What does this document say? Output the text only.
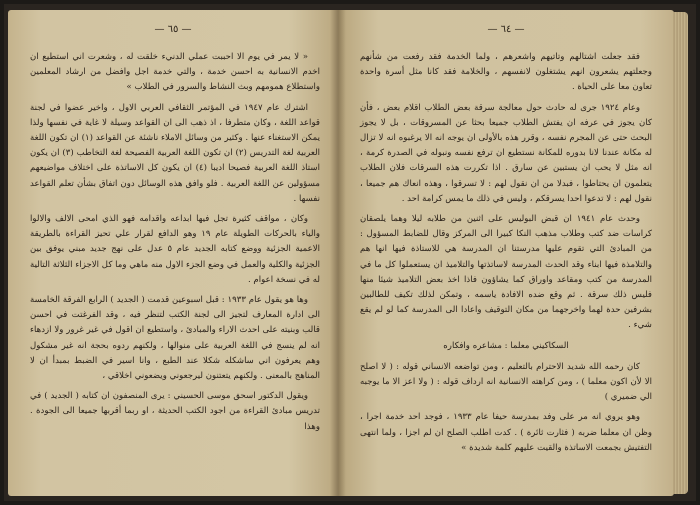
— ٦٥ —

« لا يمر في يوم الا احببت عملي الدنيء خلقت له ، وشعرت اني استطيع ان اخدم الانسانية به احسن خدمة ، والتي خدمة اجل وافضل من ارشاد المعلمين واستطلاع همومهم وبث النشاط والسرور في الطلاب »

اشترك عام ١٩٤٧ في المؤتمر الثقافي العربي الاول ، واخير عضوا في لجنة قواعد اللغة ، وكان متطرفا ، اذ ذهب الى ان القواعد وسيلة لا غاية في نفسها ولذا يمكن الاستغناء عنها . وكثير من وسائل الاملاء ناشئة عن القواعد (١) ان تكون اللغة العربية لغة التدريس (٢) ان تكون اللغة العربية الفصيحة لغة التخاطب (٣) ان يكون استاذ اللغة العربية فصيحا اديبا (٤) ان يكون كل الاساتذة على اختلاف مواضيعهم مسؤولين عن اللغة العربية . فلو وافق هذه الوسائل دون اتفاق بشأن تعلم القواعد نفسها .

وكان ، مواقف كثيرة تجل فيها ابداعه واقدامه فهو الذي امحى الالف والالوا والياء بالحركات الطويلة عام ١٩ وهو الدافع لقرار علي تحيز القراءة بالطريقة الاعمية الجزئية ووضع كتابه الجديد عام ٥ عدل على نهج جديد مبني يوفق بين الجزئية والكلية والعمل في وضع الجزء الاول منه ماهي وما كل الاجزاء الثلاثة التالية له في نسخة اعوام .

وها هو يقول عام ١٩٣٣ : قبل اسبوعين قدمت ( الجديد ) الرابع الفرقة الخامسة الى ادارة المعارف لتجيز الى لجنة الكتب لتنظر فيه ، وقد الفرغتت في احسن قالب وبنيته على احدث الاراء والمبادئ ، واستطيع ان اقول في غير غرور ولا ازدهاء انه لم ينسج في اللغة العربية على منوالها ، ولكنهم ردوه بحجة انه غير مشكول وهم يعرفون اني ساشكله شكلا عند الطبع ، وانا اسير في الضبط بمبدأ ان لا المناهج بالمعنى . ولكنهم يتعتنون ليرجعوني ويضعوني اخلاقي ،

ويقول الدكتور اسحق موسى الحسيني : يرى المنصفون ان كتابه ( الجديد ) في تدريس مبادئ القراءة من اجود الكتب الحديثة ، او ربما أقربها جميعا الى الجودة . وهذا

— ٦٤ —

فقد جعلت اشتالهم وتاتيهم واشعرهم ، ولما الخدمة فقد رفعت من شأنهم وجعلتهم يشعرون انهم يشتغلون لانفسهم ، والخلامة فقد كانا مثل أسرة واحدة تعاون معا على الحياة .

وعام ١٩٢٤ جرى له حادث حول معالجة سرقة بعض الطلاب اقلام بعض ، فأن كان يجوز في عرفه ان يفتش الطلاب جميعا بحثا عن المسروقات ، بل لا يجوز البحث حتى عن المجرم نفسه ، وقرر هذه بالأولى ان يوجه انه الا يرغبوه انه لا تزال له مكانة عندنا لانا بدوره للمكانة نستطيع ان ترفع نفسه ونبوله في الصدرة كرمة ، انه مثل لا يحب ان يستبين عن سارق . اذا تكررت هذه السرقات فلان الطلاب يتعلمون ان يحتاطوا ، فبدلا من ان نقول لهم : لا تسرقوا ، وهذه انعاك هم جميعا ، نقول لهم : لا تدعوا احدا يسرقكم ، وليس في ذلك ما يمس كرامة احد .

وحدث عام ١٩٤١ ان قبض البوليس على اثنين من طلابه ليلا وهما يلصقان كراسات ضد كتب وطلاب مذهب النكا كبيرا الى المركز وقال للضابط المسؤول : من المبادئ التي تقوم عليها مدرستنا ان المدرسة هي للاستاذة فيها انها هم والتلامذة فيها ابناء وقد الحدث المدرسة لاساتذتها والتلاميذ ان يستعملوا كل ما في المدرسة من كتب ومقاعد واوراق كما يشاؤون فاذا اخذ بعض التلاميذ شيئا منها فليس ذلك سرقة . ثم وقع ضده الافادة ياسمه ، وتمكن لذلك تكيف للطالبين بشرفين حدة لهما واخرجهما من مكان التوقيف واعادا الى المدرسة كما لو لم يقع شيء .

السكاكيني معلما : مشاعره وافكاره

كان رحمه الله شديد الاحترام بالتعليم ، ومن تواضعه الانساني قوله : ( لا اصلح الا لأن اكون معلما ) ، ومن كراهته الانسانية انه ارداف قوله : ( ولا اعز الا ما يوجبه الي ضميري )

وهو يروي انه مر على وفد بمدرسة حيفا عام ١٩٣٣ ، فوجد احد خدمة اجرا ، وظن ان معلما ضربه ( فثارت ثائرة ) . كدت اطلب الصلح ان لم اجزا ، ولما انتهى التفتيش بجمعت الاساتذة والقيت عليهم كلمة شديدة »
